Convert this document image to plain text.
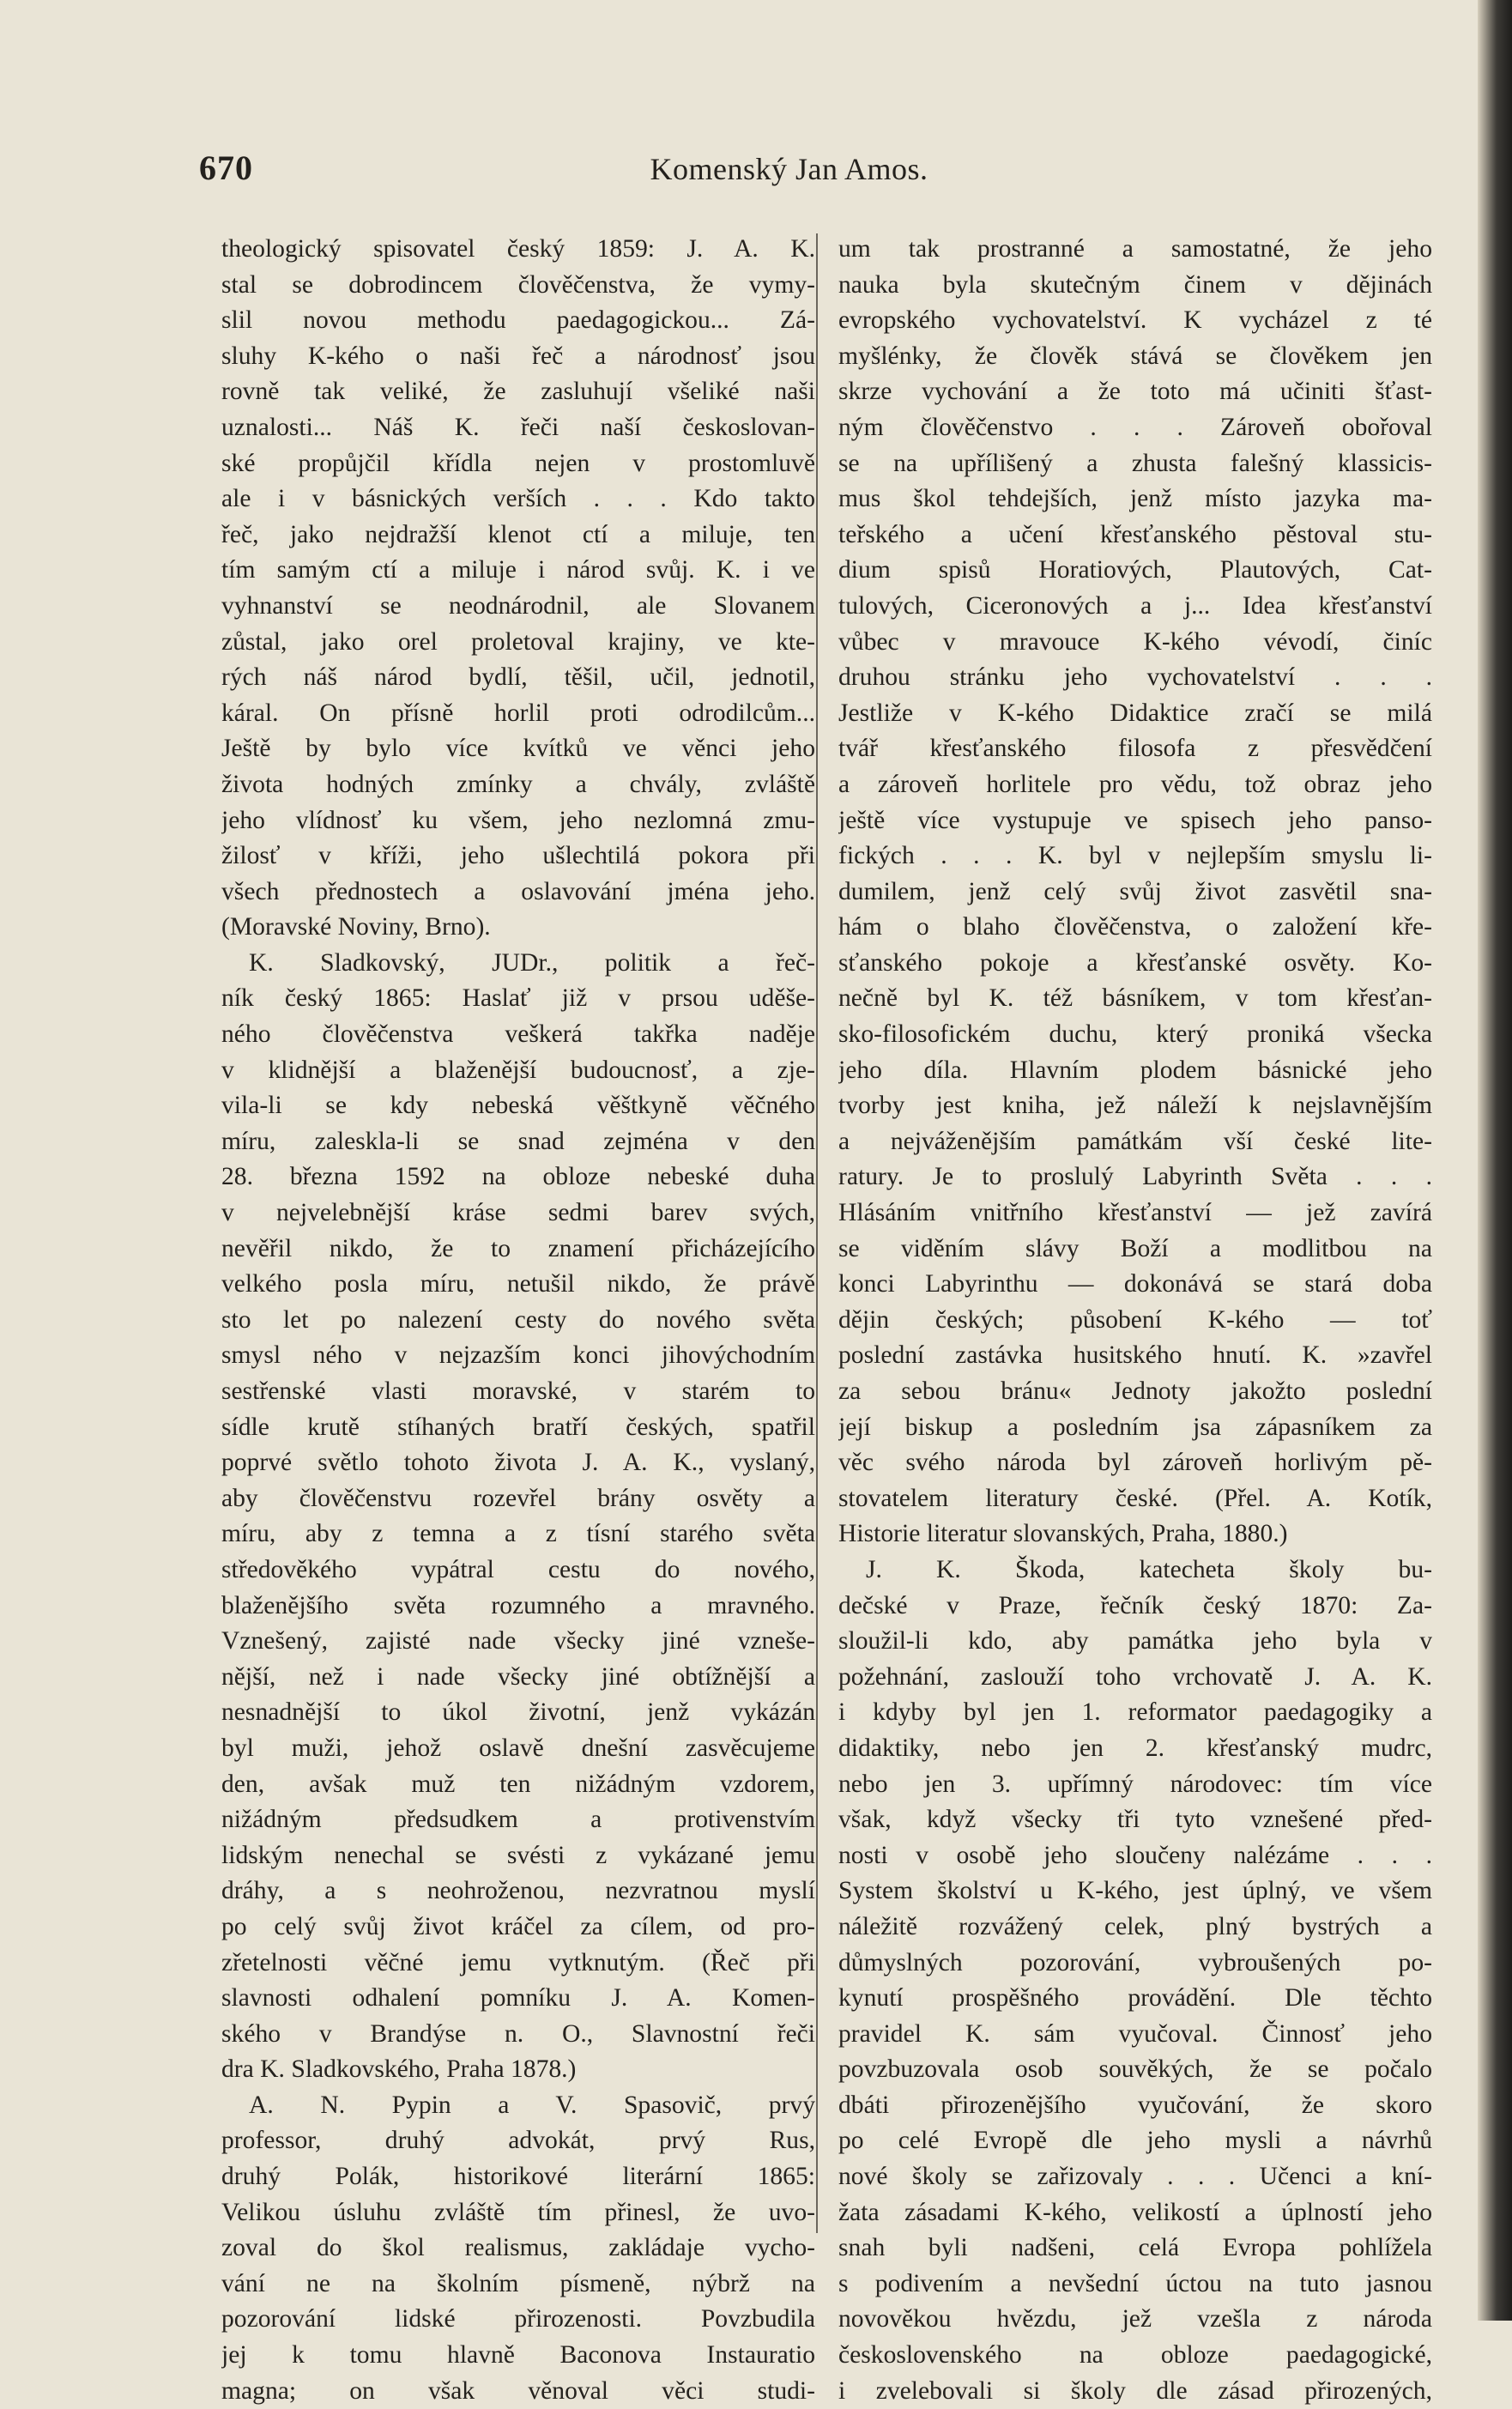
670	Komenský Jan Amos.
theologický spisovatel český 1859: J. A. K.
stal se dobrodincem člověčenstva, že vymy-
slil novou methodu paedagogickou... Zá-
sluhy K-kého o naši řeč a národnosť jsou
rovně tak veliké, že zasluhují všeliké naši
uznalosti... Náš K. řeči naší českoslovan-
ské propůjčil křídla nejen v prostomluvě
ale i v básnických verších . . . Kdo takto
řeč, jako nejdražší klenot ctí a miluje, ten
tím samým ctí a miluje i národ svůj. K. i ve
vyhnanství se neodnárodnil, ale Slovanem
zůstal, jako orel proletoval krajiny, ve kte-
rých náš národ bydlí, těšil, učil, jednotil,
káral. On přísně horlil proti odrodilcům...
Ještě by bylo více kvítků ve věnci jeho
života hodných zmínky a chvály, zvláště
jeho vlídnosť ku všem, jeho nezlomná zmu-
žilosť v kříži, jeho ušlechtilá pokora při
všech přednostech a oslavování jména jeho.
(Moravské Noviny, Brno).
K. Sladkovský, JUDr., politik a řeč-
ník český 1865: Haslať již v prsou uděše-
ného člověčenstva veškerá takřka naděje
v klidnější a blaženější budoucnosť, a zje-
vila-li se kdy nebeská věštkyně věčného
míru, zaleskla-li se snad zejména v den
28. března 1592 na obloze nebeské duha
v nejvelebnější kráse sedmi barev svých,
nevěřil nikdo, že to znamení přicházejícího
velkého posla míru, netušil nikdo, že právě
sto let po nalezení cesty do nového světa
smysl ného v nejzazším konci jihovýchodním
sestřenské vlasti moravské, v starém to
sídle krutě stíhaných bratří českých, spatřil
poprvé světlo tohoto života J. A. K., vyslaný,
aby člověčenstvu rozevřel brány osvěty a
míru, aby z temna a z tísní starého světa
středověkého vypátral cestu do nového,
blaženějšího světa rozumného a mravného.
Vznešený, zajisté nade všecky jiné vzneše-
nější, než i nade všecky jiné obtížnější a
nesnadnější to úkol životní, jenž vykázán
byl muži, jehož oslavě dnešní zasvěcujeme
den, avšak muž ten nižádným vzdorem,
nižádným předsudkem a protivenstvím
lidským nenechal se svésti z vykázané jemu
dráhy, a s neohroženou, nezvratnou myslí
po celý svůj život kráčel za cílem, od pro-
zřetelnosti věčné jemu vytknutým. (Řeč při
slavnosti odhalení pomníku J. A. Komen-
ského v Brandýse n. O., Slavnostní řeči
dra K. Sladkovského, Praha 1878.)
A. N. Pypin a V. Spasovič, prvý
professor, druhý advokát, prvý Rus,
druhý Polák, historikové literární 1865:
Velikou úsluhu zvláště tím přinesl, že uvo-
zoval do škol realismus, zakládaje vycho-
vání ne na školním písmeně, nýbrž na
pozorování lidské přirozenosti. Povzbudila
jej k tomu hlavně Baconova Instauratio
magna; on však věnoval věci studi-
um tak prostranné a samostatné, že jeho
nauka byla skutečným činem v dějinách
evropského vychovatelství. K vycházel z té
myšlénky, že člověk stává se člověkem jen
skrze vychování a že toto má učiniti šťast-
ným člověčenstvo . . . Zároveň obořoval
se na upřílišený a zhusta falešný klassicis-
mus škol tehdejších, jenž místo jazyka ma-
teřského a učení křesťanského pěstoval stu-
dium spisů Horatiových, Plautových, Cat-
tulových, Ciceronových a j... Idea křesťanství
vůbec v mravouce K-kého vévodí, činíc
druhou stránku jeho vychovatelství . . .
Jestliže v K-kého Didaktice zračí se milá
tvář křesťanského filosofa z přesvědčení
a zároveň horlitele pro vědu, tož obraz jeho
ještě více vystupuje ve spisech jeho panso-
fických . . . K. byl v nejlepším smyslu li-
dumilem, jenž celý svůj život zasvětil sna-
hám o blaho člověčenstva, o založení kře-
sťanského pokoje a křesťanské osvěty. Ko-
nečně byl K. též básníkem, v tom křesťan-
sko-filosofickém duchu, který proniká všecka
jeho díla. Hlavním plodem básnické jeho
tvorby jest kniha, jež náleží k nejslavnějším
a nejváženějším památkám vší české lite-
ratury. Je to proslulý Labyrinth Světa . . .
Hlásáním vnitřního křesťanství — jež zavírá
se viděním slávy Boží a modlitbou na
konci Labyrinthu — dokonává se stará doba
dějin českých; působení K-kého — toť
poslední zastávka husitského hnutí. K. »zavřel
za sebou bránu« Jednoty jakožto poslední
její biskup a posledním jsa zápasníkem za
věc svého národa byl zároveň horlivým pě-
stovatelem literatury české. (Přel. A. Kotík,
Historie literatur slovanských, Praha, 1880.)
J. K. Škoda, katecheta školy bu-
dečské v Praze, řečník český 1870: Za-
sloužil-li kdo, aby památka jeho byla v
požehnání, zaslouží toho vrchovatě J. A. K.
i kdyby byl jen 1. reformator paedagogiky a
didaktiky, nebo jen 2. křesťanský mudrc,
nebo jen 3. upřímný národovec: tím více
však, když všecky tři tyto vznešené před-
nosti v osobě jeho sloučeny nalézáme . . .
System školství u K-kého, jest úplný, ve všem
náležitě rozvážený celek, plný bystrých a
důmyslných pozorování, vybroušených po-
kynutí prospěšného provádění. Dle těchto
pravidel K. sám vyučoval. Činnosť jeho
povzbuzovala osob souvěkých, že se počalo
dbáti přirozenějšího vyučování, že skoro
po celé Evropě dle jeho mysli a návrhů
nové školy se zařizovaly . . . Učenci a kní-
žata zásadami K-kého, velikostí a úplností jeho
snah byli nadšeni, celá Evropa pohlížela
s podivením a nevšední úctou na tuto jasnou
novověkou hvězdu, jež vzešla z národa
československého na obloze paedagogické,
i zvelebovali si školy dle zásad přirozených,
